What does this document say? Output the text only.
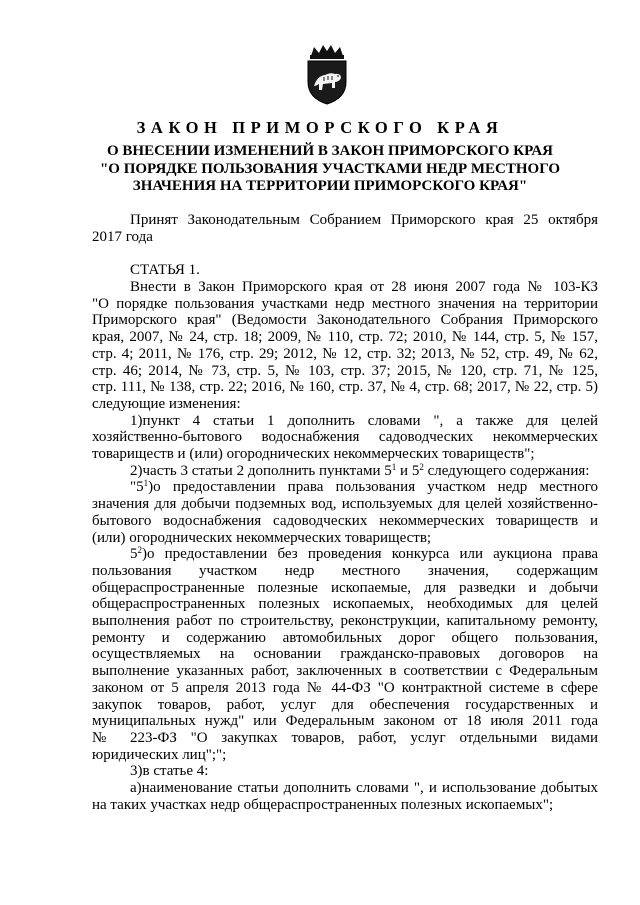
ЗАКОН ПРИМОРСКОГО КРАЯ
О ВНЕСЕНИИ ИЗМЕНЕНИЙ В ЗАКОН ПРИМОРСКОГО КРАЯ
"О ПОРЯДКЕ ПОЛЬЗОВАНИЯ УЧАСТКАМИ НЕДР МЕСТНОГО
ЗНАЧЕНИЯ НА ТЕРРИТОРИИ ПРИМОРСКОГО КРАЯ"
Принят Законодательным Собранием Приморского края 25 октября
2017 года
СТАТЬЯ 1.
Внести в Закон Приморского края от 28 июня 2007 года № 103-КЗ
"О порядке пользования участками недр местного значения на территории
Приморского края" (Ведомости Законодательного Собрания Приморского
края, 2007, № 24, стр. 18; 2009, № 110, стр. 72; 2010, № 144, стр. 5, № 157,
стр. 4; 2011, № 176, стр. 29; 2012, № 12, стр. 32; 2013, № 52, стр. 49, № 62,
стр. 46; 2014, № 73, стр. 5, № 103, стр. 37; 2015, № 120, стр. 71, № 125,
стр. 111, № 138, стр. 22; 2016, № 160, стр. 37, № 4, стр. 68; 2017, № 22, стр. 5)
следующие изменения:
1)пункт 4 статьи 1 дополнить словами ", а также для целей
хозяйственно-бытового водоснабжения садоводческих некоммерческих
товариществ и (или) огороднических некоммерческих товариществ";
2)часть 3 статьи 2 дополнить пунктами $5^1$ и $5^2$ следующего содержания:
"$5^1)о$ предоставлении права пользования участком недр местного
значения для добычи подземных вод, используемых для целей хозяйственно-
бытового водоснабжения садоводческих некоммерческих товариществ и
(или) огороднических некоммерческих товариществ;
$5^2)о$ предоставлении без проведения конкурса или аукциона права
пользования участком недр местного значения, содержащим
общераспространенные полезные ископаемые, для разведки и добычи
общераспространенных полезных ископаемых, необходимых для целей
выполнения работ по строительству, реконструкции, капитальному ремонту,
ремонту и содержанию автомобильных дорог общего пользования,
осуществляемых на основании гражданско-правовых договоров на
выполнение указанных работ, заключенных в соответствии с Федеральным
законом от 5 апреля 2013 года № 44-ФЗ "О контрактной системе в сфере
закупок товаров, работ, услуг для обеспечения государственных и
муниципальных нужд" или Федеральным законом от 18 июля 2011 года
№ 223-ФЗ "О закупках товаров, работ, услуг отдельными видами
юридических лиц";";
3)в статье 4:
а)наименование статьи дополнить словами ", и использование добытых
на таких участках недр общераспространенных полезных ископаемых";
